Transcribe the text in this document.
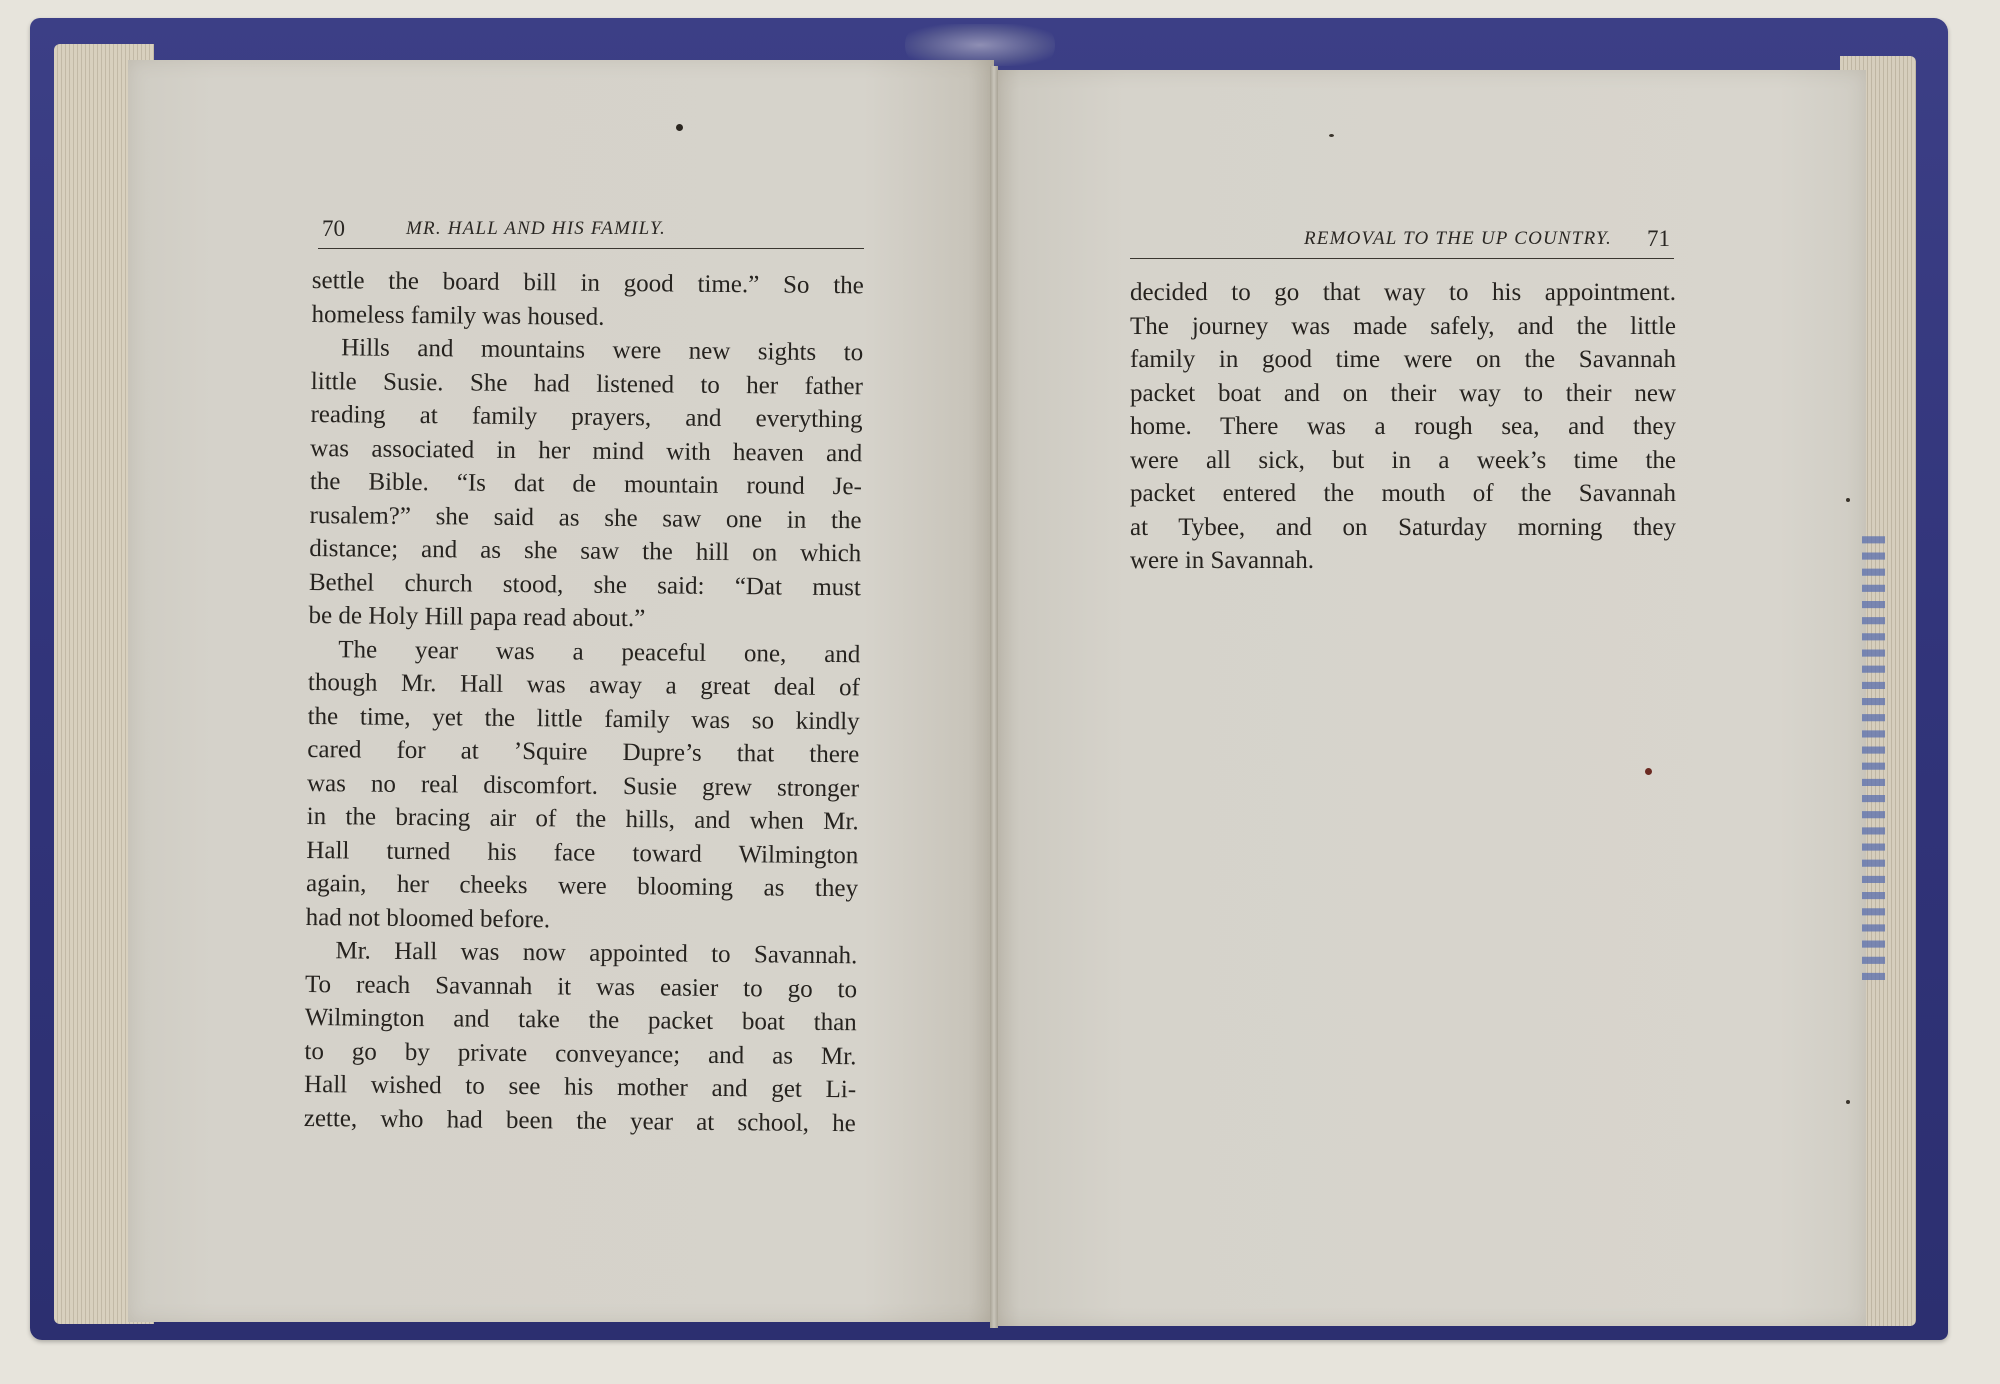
▌▌▌▌▌▌▌▌▌▌▌▌▌▌▌▌▌▌▌▌▌▌▌▌▌▌▌▌
70	MR. HALL AND HIS FAMILY.	REMOVAL TO THE UP COUNTRY. 71
settle the board bill in good time.” So the
homeless family was housed.
Hills and mountains were new sights to
little Susie. She had listened to her father
reading at family prayers, and everything
was associated in her mind with heaven and
the Bible. “Is dat de mountain round Je-
rusalem?” she said as she saw one in the
distance; and as she saw the hill on which
Bethel church stood, she said: “Dat must
be de Holy Hill papa read about.”
The year was a peaceful one, and
though Mr. Hall was away a great deal of
the time, yet the little family was so kindly
cared for at ’Squire Dupre’s that there
was no real discomfort. Susie grew stronger
in the bracing air of the hills, and when Mr.
Hall turned his face toward Wilmington
again, her cheeks were blooming as they
had not bloomed before.
Mr. Hall was now appointed to Savannah.
To reach Savannah it was easier to go to
Wilmington and take the packet boat than
to go by private conveyance; and as Mr.
Hall wished to see his mother and get Li-
zette, who had been the year at school, he
decided to go that way to his appointment.
The journey was made safely, and the little
family in good time were on the Savannah
packet boat and on their way to their new
home. There was a rough sea, and they
were all sick, but in a week’s time the
packet entered the mouth of the Savannah
at Tybee, and on Saturday morning they
were in Savannah.
